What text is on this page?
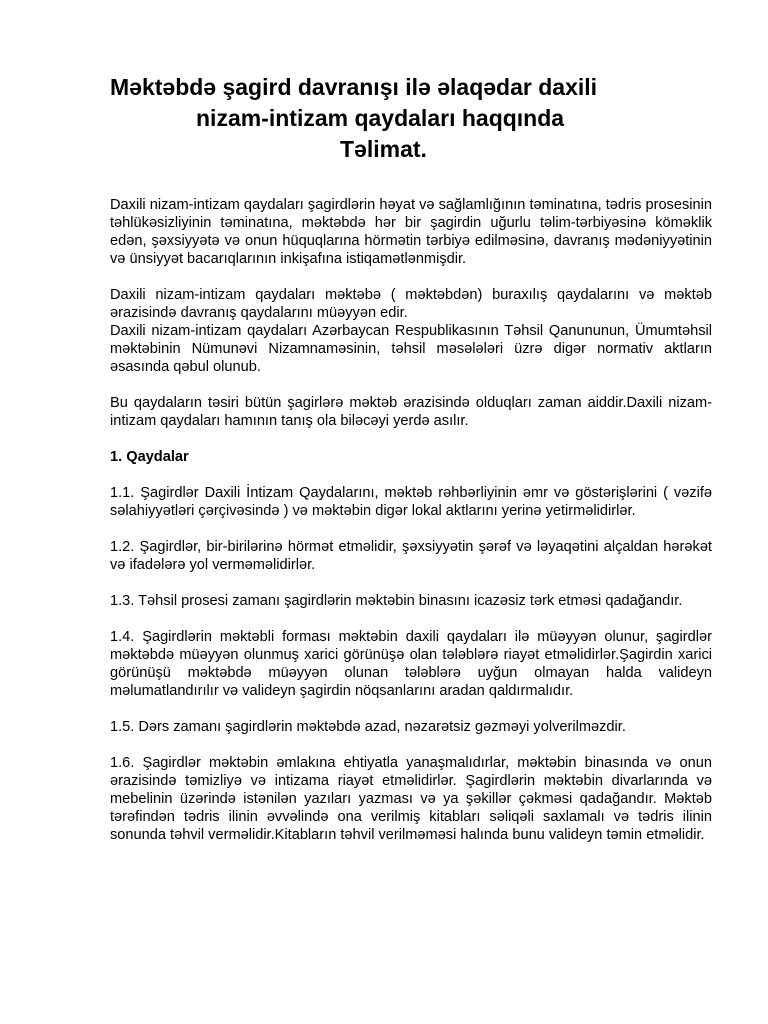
Məktəbdə şagird davranışı ilə əlaqədar daxili
nizam-intizam qaydaları haqqında
Təlimat.

Daxili nizam-intizam qaydaları şagirdlərin həyat və sağlamlığının təminatına, tədris prosesinin təhlükəsizliyinin təminatına, məktəbdə hər bir şagirdin uğurlu təlim-tərbiyəsinə köməklik edən, şəxsiyyətə və onun hüquqlarına hörmətin tərbiyə edilməsinə, davranış mədəniyyətinin və ünsiyyət bacarıqlarının inkişafına istiqamətlənmişdir.

Daxili nizam-intizam qaydaları məktəbə ( məktəbdən) buraxılış qaydalarını və məktəb ərazisində davranış qaydalarını müəyyən edir.

Daxili nizam-intizam qaydaları Azərbaycan Respublikasının Təhsil Qanununun, Ümumtəhsil məktəbinin Nümunəvi Nizamnaməsinin, təhsil məsələləri üzrə digər normativ aktların əsasında qəbul olunub.

Bu qaydaların təsiri bütün şagirlərə məktəb ərazisində olduqları zaman aiddir.Daxili nizam-intizam qaydaları hamının tanış ola biləcəyi yerdə asılır.

1. Qaydalar

1.1. Şagirdlər Daxili İntizam Qaydalarını, məktəb rəhbərliyinin əmr və göstərişlərini ( vəzifə səlahiyyətləri çərçivəsində ) və məktəbin digər lokal aktlarını yerinə yetirməlidirlər.

1.2. Şagirdlər, bir-birilərinə hörmət etməlidir, şəxsiyyətin şərəf və ləyaqətini alçaldan hərəkət və ifadələrə yol verməməlidirlər.

1.3. Təhsil prosesi zamanı şagirdlərin məktəbin binasını icazəsiz tərk etməsi qadağandır.

1.4. Şagirdlərin məktəbli forması məktəbin daxili qaydaları ilə müəyyən olunur, şagirdlər məktəbdə müəyyən olunmuş xarici görünüşə olan tələblərə riayət etməlidirlər.Şagirdin xarici görünüşü məktəbdə müəyyən olunan tələblərə uyğun olmayan halda valideyn məlumatlandırılır və valideyn şagirdin nöqsanlarını aradan qaldırmalıdır.

1.5. Dərs zamanı şagirdlərin məktəbdə azad, nəzarətsiz gəzməyi yolverilməzdir.

1.6. Şagirdlər məktəbin əmlakına ehtiyatla yanaşmalıdırlar, məktəbin binasında və onun ərazisində təmizliyə və intizama riayət etməlidirlər. Şagirdlərin məktəbin divarlarında və mebelinin üzərində istənilən yazıları yazması və ya şəkillər çəkməsi qadağandır. Məktəb tərəfindən tədris ilinin əvvəlində ona verilmiş kitabları səliqəli saxlamalı və tədris ilinin sonunda təhvil verməlidir.Kitabların təhvil verilməməsi halında bunu valideyn təmin etməlidir.
